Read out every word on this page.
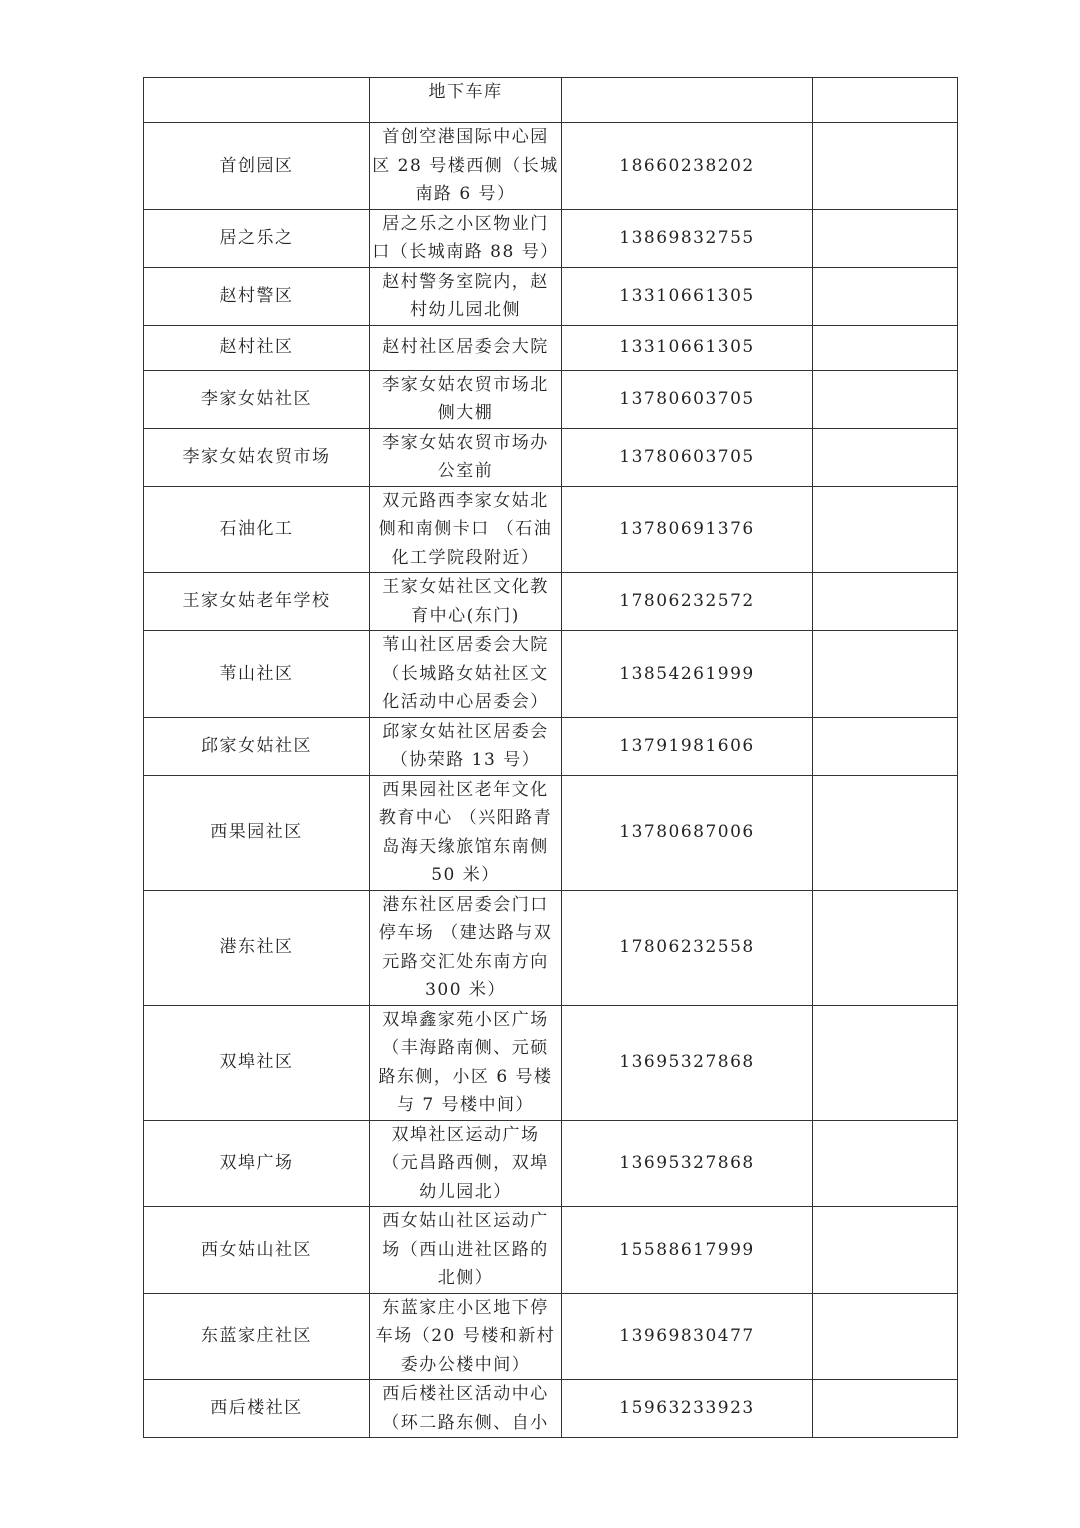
	地下车库		

首创园区	首创空港国际中心园
区 28 号楼西侧（长城
南路 6 号）	18660238202	
居之乐之	居之乐之小区物业门
口（长城南路 88 号）	13869832755	
赵村警区	赵村警务室院内，赵
村幼儿园北侧	13310661305	
赵村社区	赵村社区居委会大院	13310661305	
李家女姑社区	李家女姑农贸市场北
侧大棚	13780603705	
李家女姑农贸市场	李家女姑农贸市场办
公室前	13780603705	
石油化工	双元路西李家女姑北
侧和南侧卡口 （石油
化工学院段附近）	13780691376	
王家女姑老年学校	王家女姑社区文化教
育中心(东门)	17806232572	
苇山社区	苇山社区居委会大院
（长城路女姑社区文
化活动中心居委会）	13854261999	
邱家女姑社区	邱家女姑社区居委会
（协荣路 13 号）	13791981606	
西果园社区	西果园社区老年文化
教育中心 （兴阳路青
岛海天缘旅馆东南侧
50 米）	13780687006	
港东社区	港东社区居委会门口
停车场 （建达路与双
元路交汇处东南方向
300 米）	17806232558	
双埠社区	双埠鑫家苑小区广场
（丰海路南侧、元硕
路东侧，小区 6 号楼
与 7 号楼中间）	13695327868	
双埠广场	双埠社区运动广场
（元昌路西侧，双埠
幼儿园北）	13695327868	
西女姑山社区	西女姑山社区运动广
场（西山进社区路的
北侧）	15588617999	
东蓝家庄社区	东蓝家庄小区地下停
车场（20 号楼和新村
委办公楼中间）	13969830477	
西后楼社区	西后楼社区活动中心
（环二路东侧、自小	15963233923	
